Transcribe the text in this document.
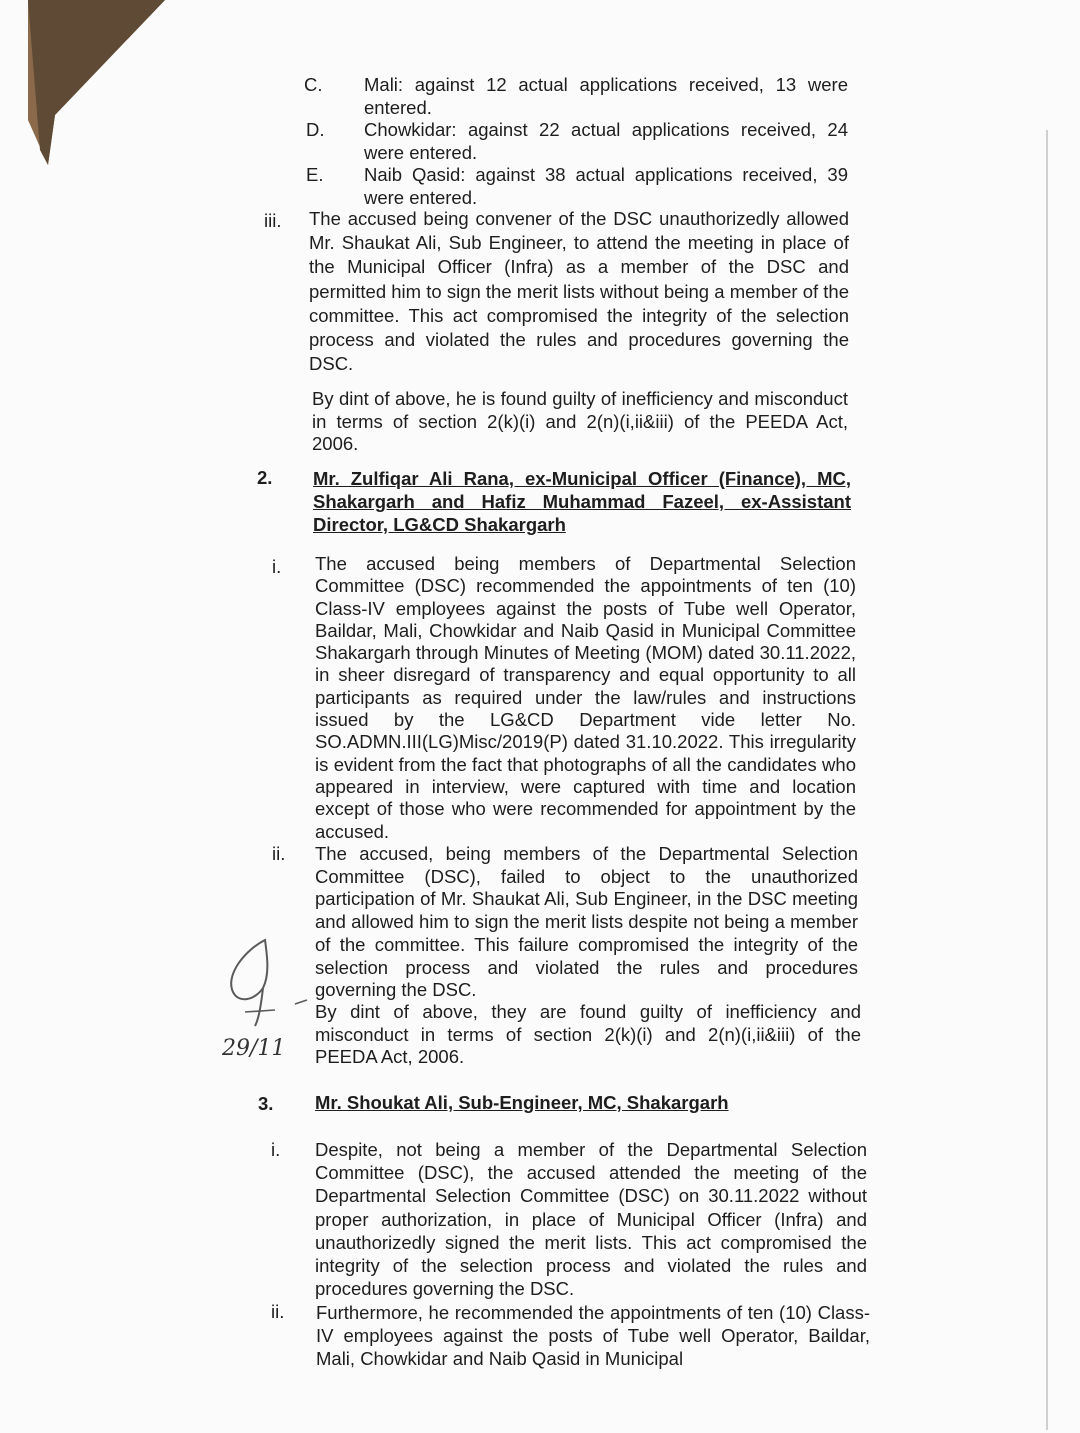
C. Mali: against 12 actual applications received, 13 were entered.
D. Chowkidar: against 22 actual applications received, 24 were entered.
E. Naib Qasid: against 38 actual applications received, 39 were entered.
iii. The accused being convener of the DSC unauthorizedly allowed Mr. Shaukat Ali, Sub Engineer, to attend the meeting in place of the Municipal Officer (Infra) as a member of the DSC and permitted him to sign the merit lists without being a member of the committee. This act compromised the integrity of the selection process and violated the rules and procedures governing the DSC.
By dint of above, he is found guilty of inefficiency and misconduct in terms of section 2(k)(i) and 2(n)(i,ii&iii) of the PEEDA Act, 2006.
2. Mr. Zulfiqar Ali Rana, ex-Municipal Officer (Finance), MC, Shakargarh and Hafiz Muhammad Fazeel, ex-Assistant Director, LG&CD Shakargarh
i. The accused being members of Departmental Selection Committee (DSC) recommended the appointments of ten (10) Class-IV employees against the posts of Tube well Operator, Baildar, Mali, Chowkidar and Naib Qasid in Municipal Committee Shakargarh through Minutes of Meeting (MOM) dated 30.11.2022, in sheer disregard of transparency and equal opportunity to all participants as required under the law/rules and instructions issued by the LG&CD Department vide letter No. SO.ADMN.III(LG)Misc/2019(P) dated 31.10.2022. This irregularity is evident from the fact that photographs of all the candidates who appeared in interview, were captured with time and location except of those who were recommended for appointment by the accused.
ii. The accused, being members of the Departmental Selection Committee (DSC), failed to object to the unauthorized participation of Mr. Shaukat Ali, Sub Engineer, in the DSC meeting and allowed him to sign the merit lists despite not being a member of the committee. This failure compromised the integrity of the selection process and violated the rules and procedures governing the DSC.
By dint of above, they are found guilty of inefficiency and misconduct in terms of section 2(k)(i) and 2(n)(i,ii&iii) of the PEEDA Act, 2006.
29/11
3. Mr. Shoukat Ali, Sub-Engineer, MC, Shakargarh
i. Despite, not being a member of the Departmental Selection Committee (DSC), the accused attended the meeting of the Departmental Selection Committee (DSC) on 30.11.2022 without proper authorization, in place of Municipal Officer (Infra) and unauthorizedly signed the merit lists. This act compromised the integrity of the selection process and violated the rules and procedures governing the DSC.
ii. Furthermore, he recommended the appointments of ten (10) Class-IV employees against the posts of Tube well Operator, Baildar, Mali, Chowkidar and Naib Qasid in Municipal
